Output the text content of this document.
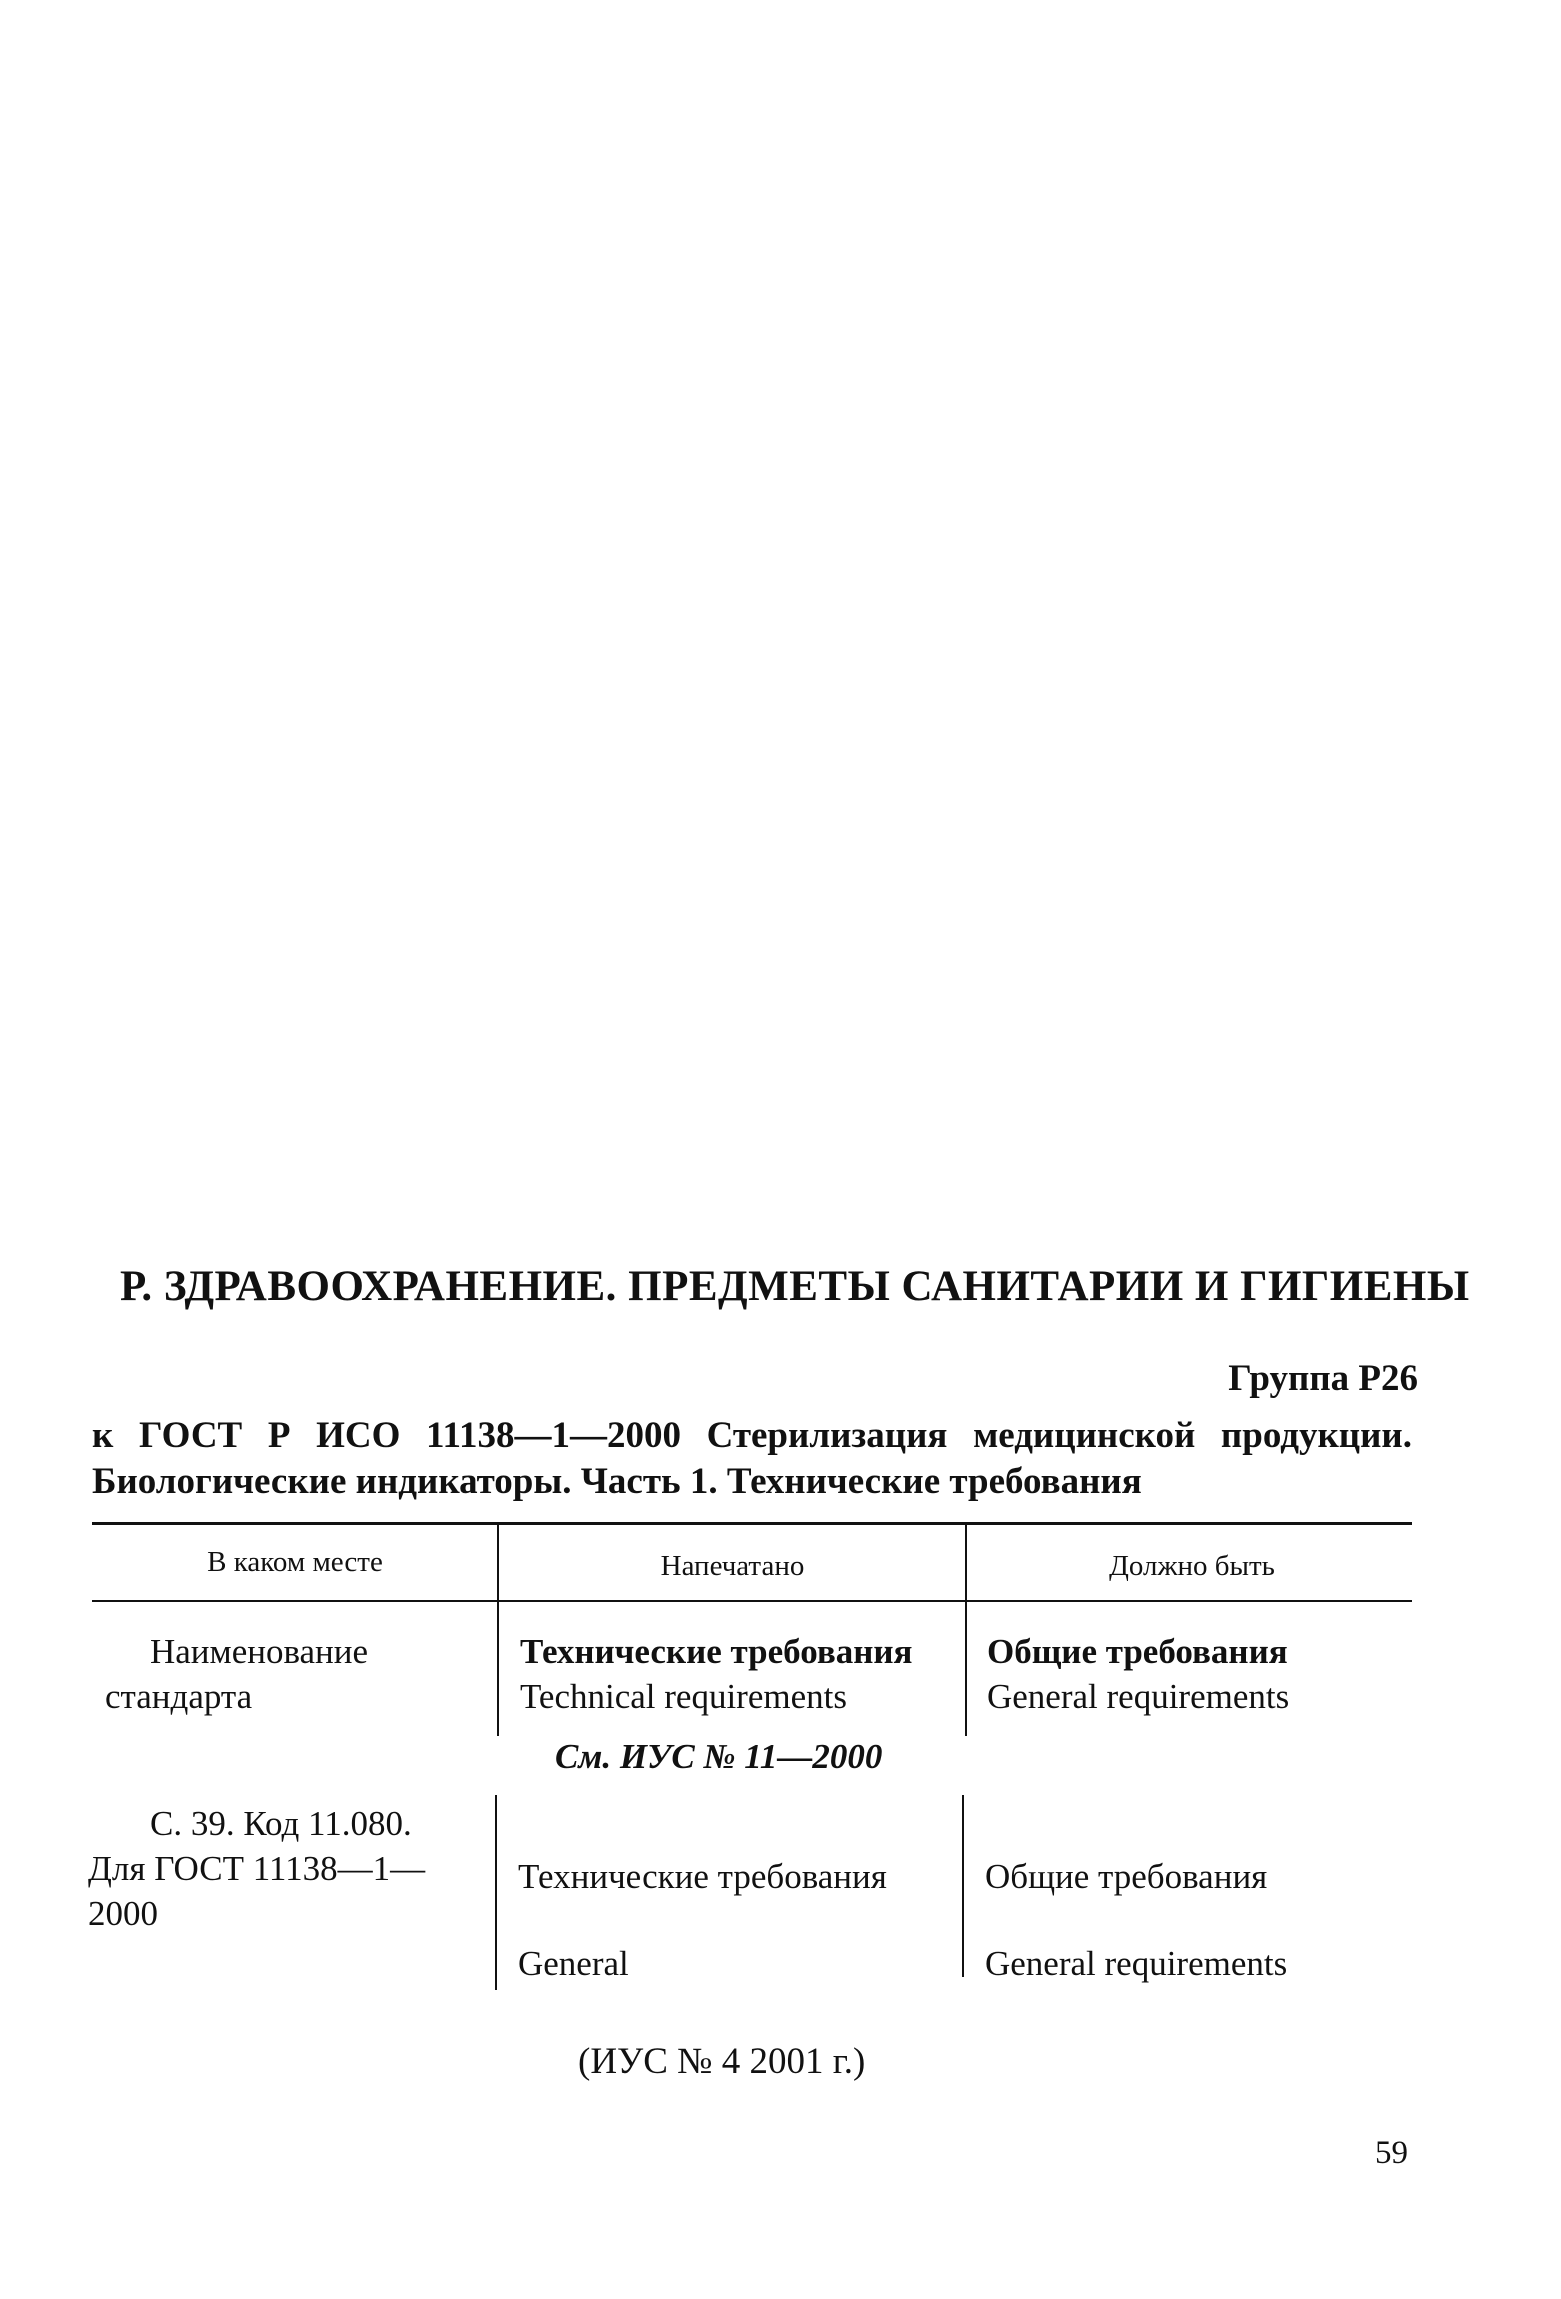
Р. ЗДРАВООХРАНЕНИЕ. ПРЕДМЕТЫ САНИТАРИИ И ГИГИЕНЫ
Группа Р26
к ГОСТ Р ИСО 11138—1—2000 Стерилизация медицинской продукции.
Биологические индикаторы. Часть 1. Технические требования
В каком месте	Напечатано	Должно быть
Наименование
стандарта
Технические требования
Technical requirements
Общие требования
General requirements
См. ИУС № 11—2000
С. 39. Код 11.080.
Для ГОСТ 11138—1—
2000
Технические требования
General
Общие требования
General requirements
(ИУС № 4 2001 г.)
59
